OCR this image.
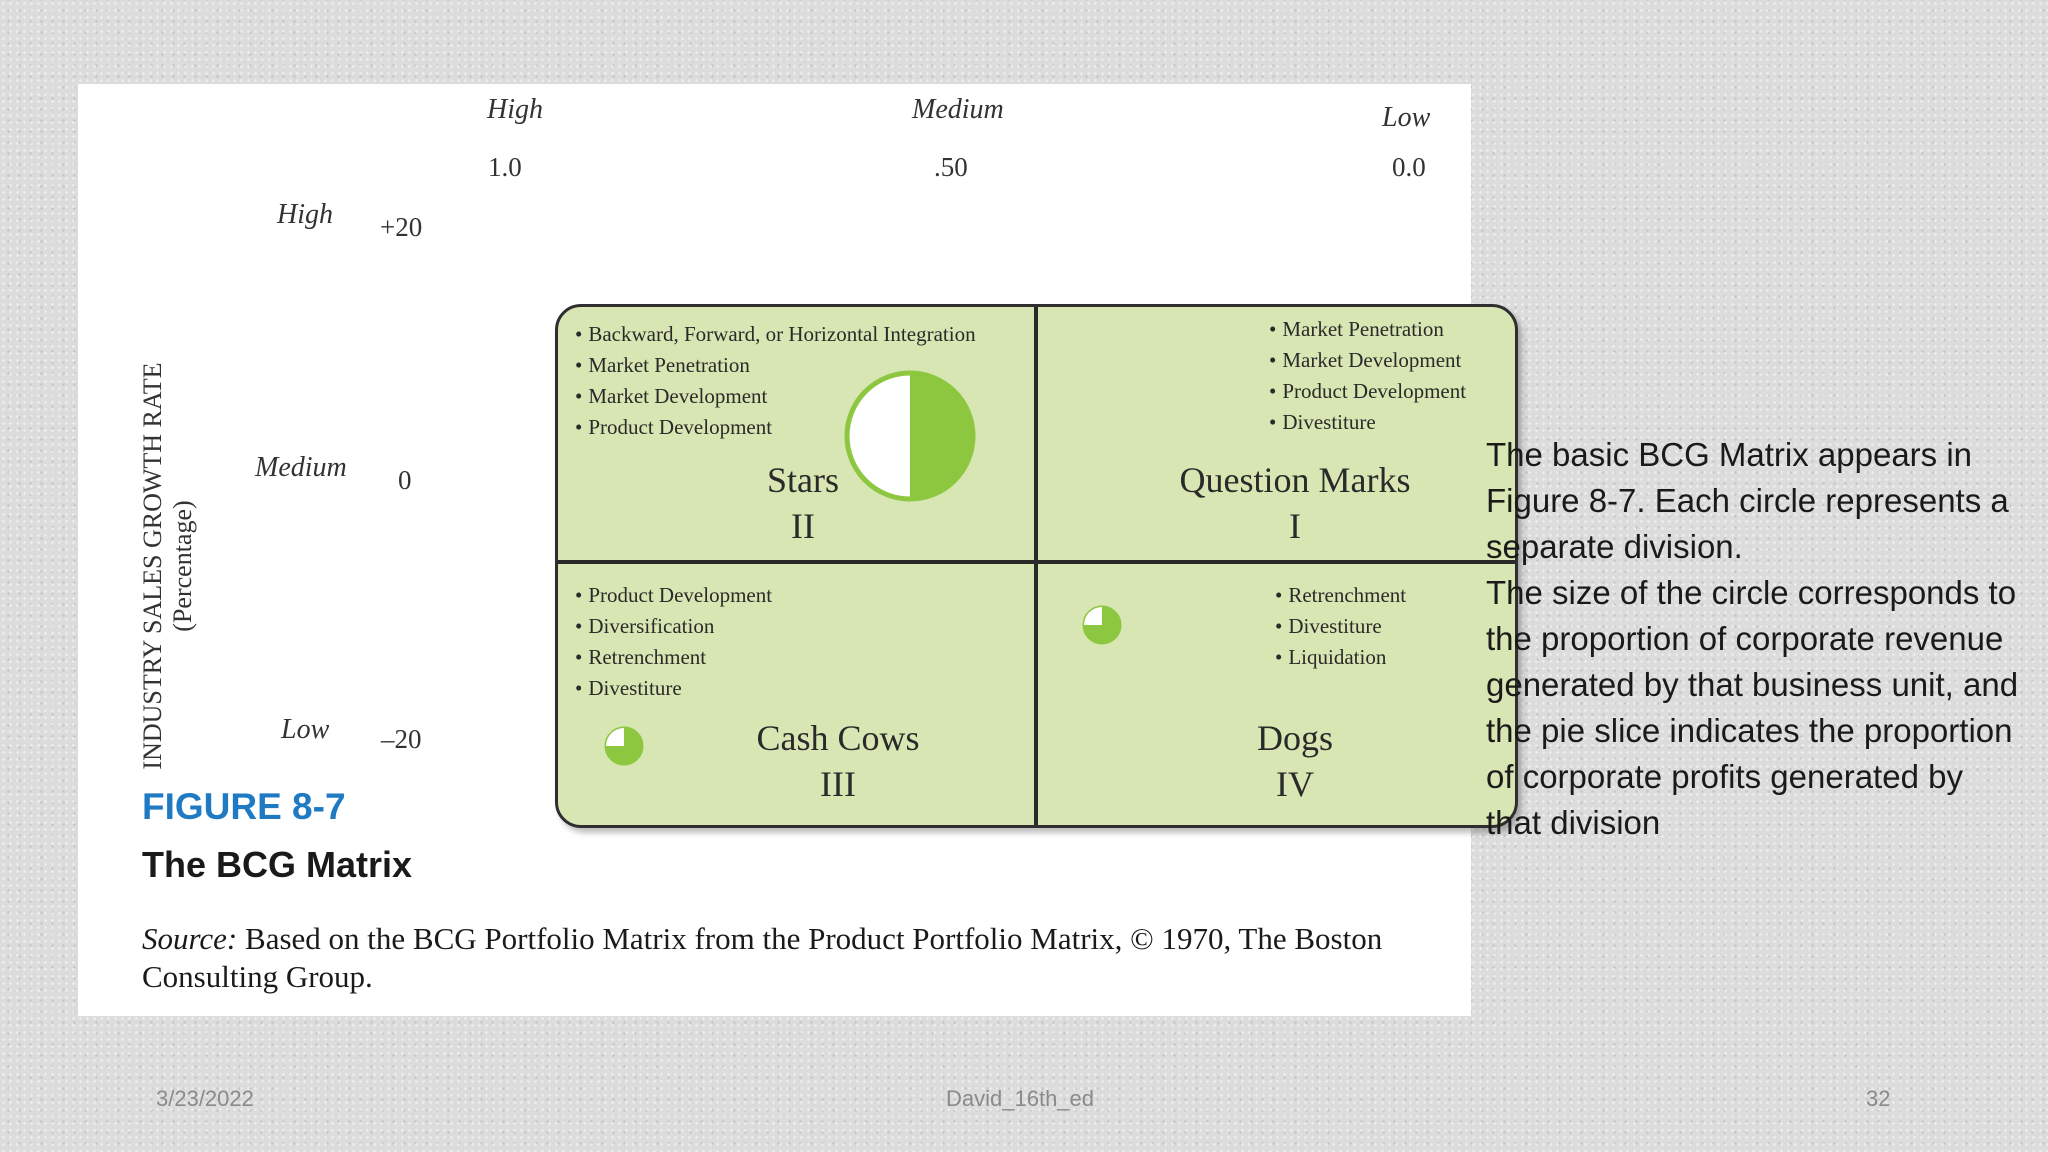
High	Medium	Low
1.0	.50	0.0
INDUSTRY SALES GROWTH RATE (Percentage)
High +20
Medium 0
Low –20
• Backward, Forward, or Horizontal Integration
• Market Penetration
• Market Development
• Product Development
Stars
II
• Market Penetration
• Market Development
• Product Development
• Divestiture
Question Marks
I
• Product Development
• Diversification
• Retrenchment
• Divestiture
Cash Cows
III
• Retrenchment
• Divestiture
• Liquidation
Dogs
IV
FIGURE 8-7
The BCG Matrix
Source: Based on the BCG Portfolio Matrix from the Product Portfolio Matrix, © 1970, The Boston Consulting Group.
The basic BCG Matrix appears in Figure 8-7. Each circle represents a separate division.
The size of the circle corresponds to the proportion of corporate revenue generated by that business unit, and the pie slice indicates the proportion of corporate profits generated by that division
3/23/2022	David_16th_ed	32
